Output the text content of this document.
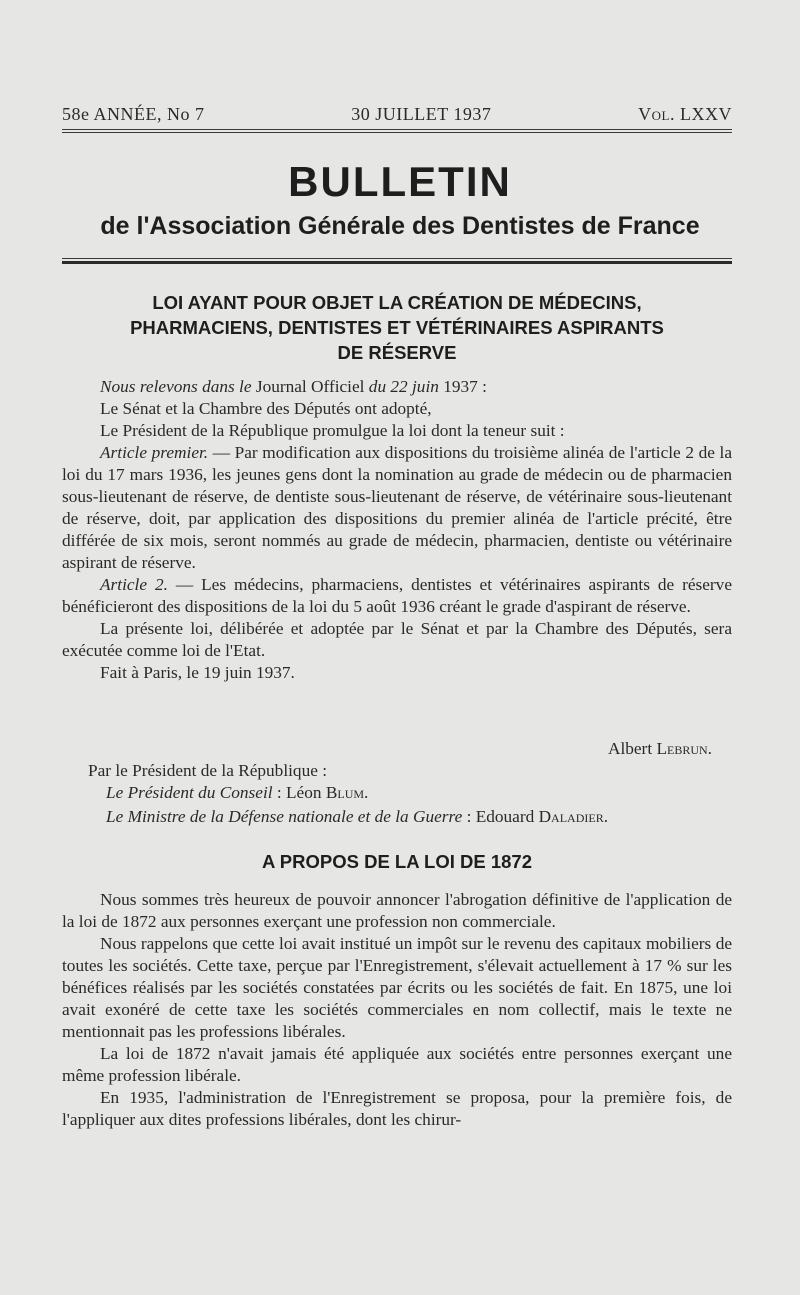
58e ANNÉE, No 7	30 JUILLET 1937	Vol. LXXV
BULLETIN
de l'Association Générale des Dentistes de France
LOI AYANT POUR OBJET LA CRÉATION DE MÉDECINS,
PHARMACIENS, DENTISTES ET VÉTÉRINAIRES ASPIRANTS
DE RÉSERVE

Nous relevons dans le Journal Officiel du 22 juin 1937 :

Le Sénat et la Chambre des Députés ont adopté,

Le Président de la République promulgue la loi dont la teneur suit :

Article premier. — Par modification aux dispositions du troisième alinéa de l'article 2 de la loi du 17 mars 1936, les jeunes gens dont la nomination au grade de médecin ou de pharmacien sous-lieutenant de réserve, de dentiste sous-lieutenant de réserve, de vétérinaire sous-lieutenant de réserve, doit, par application des dispositions du premier alinéa de l'article précité, être différée de six mois, seront nommés au grade de médecin, pharmacien, dentiste ou vétérinaire aspirant de réserve.

Article 2. — Les médecins, pharmaciens, dentistes et vétérinaires aspirants de réserve bénéficieront des dispositions de la loi du 5 août 1936 créant le grade d'aspirant de réserve.

La présente loi, délibérée et adoptée par le Sénat et par la Chambre des Députés, sera exécutée comme loi de l'Etat.

Fait à Paris, le 19 juin 1937.

Albert Lebrun.
Par le Président de la République :
Le Président du Conseil : Léon Blum.
Le Ministre de la Défense nationale et de la Guerre : Edouard Daladier.
A PROPOS DE LA LOI DE 1872

Nous sommes très heureux de pouvoir annoncer l'abrogation définitive de l'application de la loi de 1872 aux personnes exerçant une profession non commerciale.

Nous rappelons que cette loi avait institué un impôt sur le revenu des capitaux mobiliers de toutes les sociétés. Cette taxe, perçue par l'Enregistrement, s'élevait actuellement à 17 % sur les bénéfices réalisés par les sociétés constatées par écrits ou les sociétés de fait. En 1875, une loi avait exonéré de cette taxe les sociétés commerciales en nom collectif, mais le texte ne mentionnait pas les professions libérales.

La loi de 1872 n'avait jamais été appliquée aux sociétés entre personnes exerçant une même profession libérale.

En 1935, l'administration de l'Enregistrement se proposa, pour la première fois, de l'appliquer aux dites professions libérales, dont les chirur-
